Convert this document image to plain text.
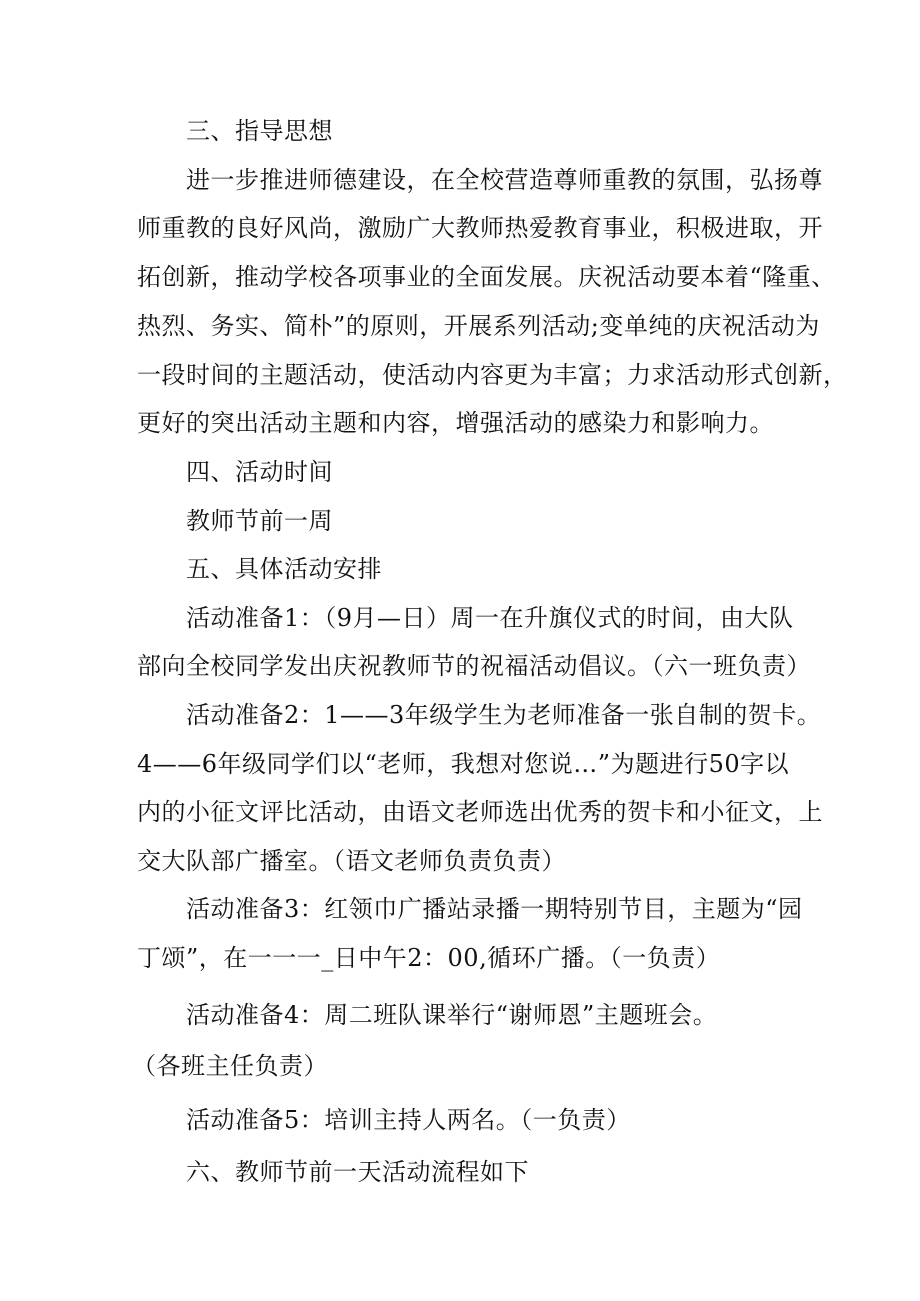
三、指导思想
进一步推进师德建设，在全校营造尊师重教的氛围，弘扬尊
师重教的良好风尚，激励广大教师热爱教育事业，积极进取，开
拓创新，推动学校各项事业的全面发展。庆祝活动要本着“隆重、
热烈、务实、简朴”的原则，开展系列活动;变单纯的庆祝活动为
一段时间的主题活动，使活动内容更为丰富；力求活动形式创新，
更好的突出活动主题和内容，增强活动的感染力和影响力。
四、活动时间
教师节前一周
五、具体活动安排
活动准备1：（9月—日）周一在升旗仪式的时间，由大队
部向全校同学发出庆祝教师节的祝福活动倡议。（六一班负责）
活动准备2：1——3年级学生为老师准备一张自制的贺卡。
4——6年级同学们以“老师，我想对您说…”为题进行50字以
内的小征文评比活动，由语文老师选出优秀的贺卡和小征文，上
交大队部广播室。（语文老师负责负责）
活动准备3：红领巾广播站录播一期特别节目，主题为“园
丁颂”，在一一一_日中午2：00,循环广播。（一负责）
活动准备4：周二班队课举行“谢师恩”主题班会。
（各班主任负责）
活动准备5：培训主持人两名。（一负责）
六、教师节前一天活动流程如下
